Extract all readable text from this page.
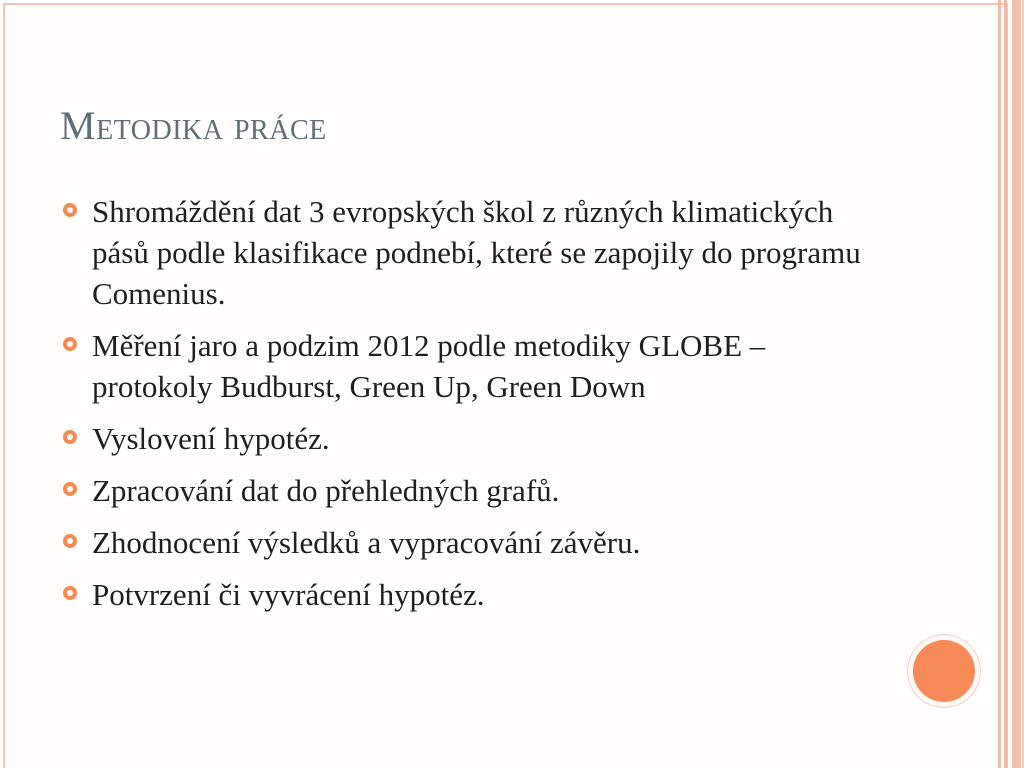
Metodika práce
Shromáždění dat 3 evropských škol z různých klimatických pásů podle klasifikace podnebí, které se zapojily do programu Comenius.
Měření jaro a podzim 2012 podle metodiky GLOBE – protokoly Budburst, Green Up, Green Down
Vyslovení hypotéz.
Zpracování dat do přehledných grafů.
Zhodnocení výsledků a vypracování závěru.
Potvrzení či vyvrácení hypotéz.
